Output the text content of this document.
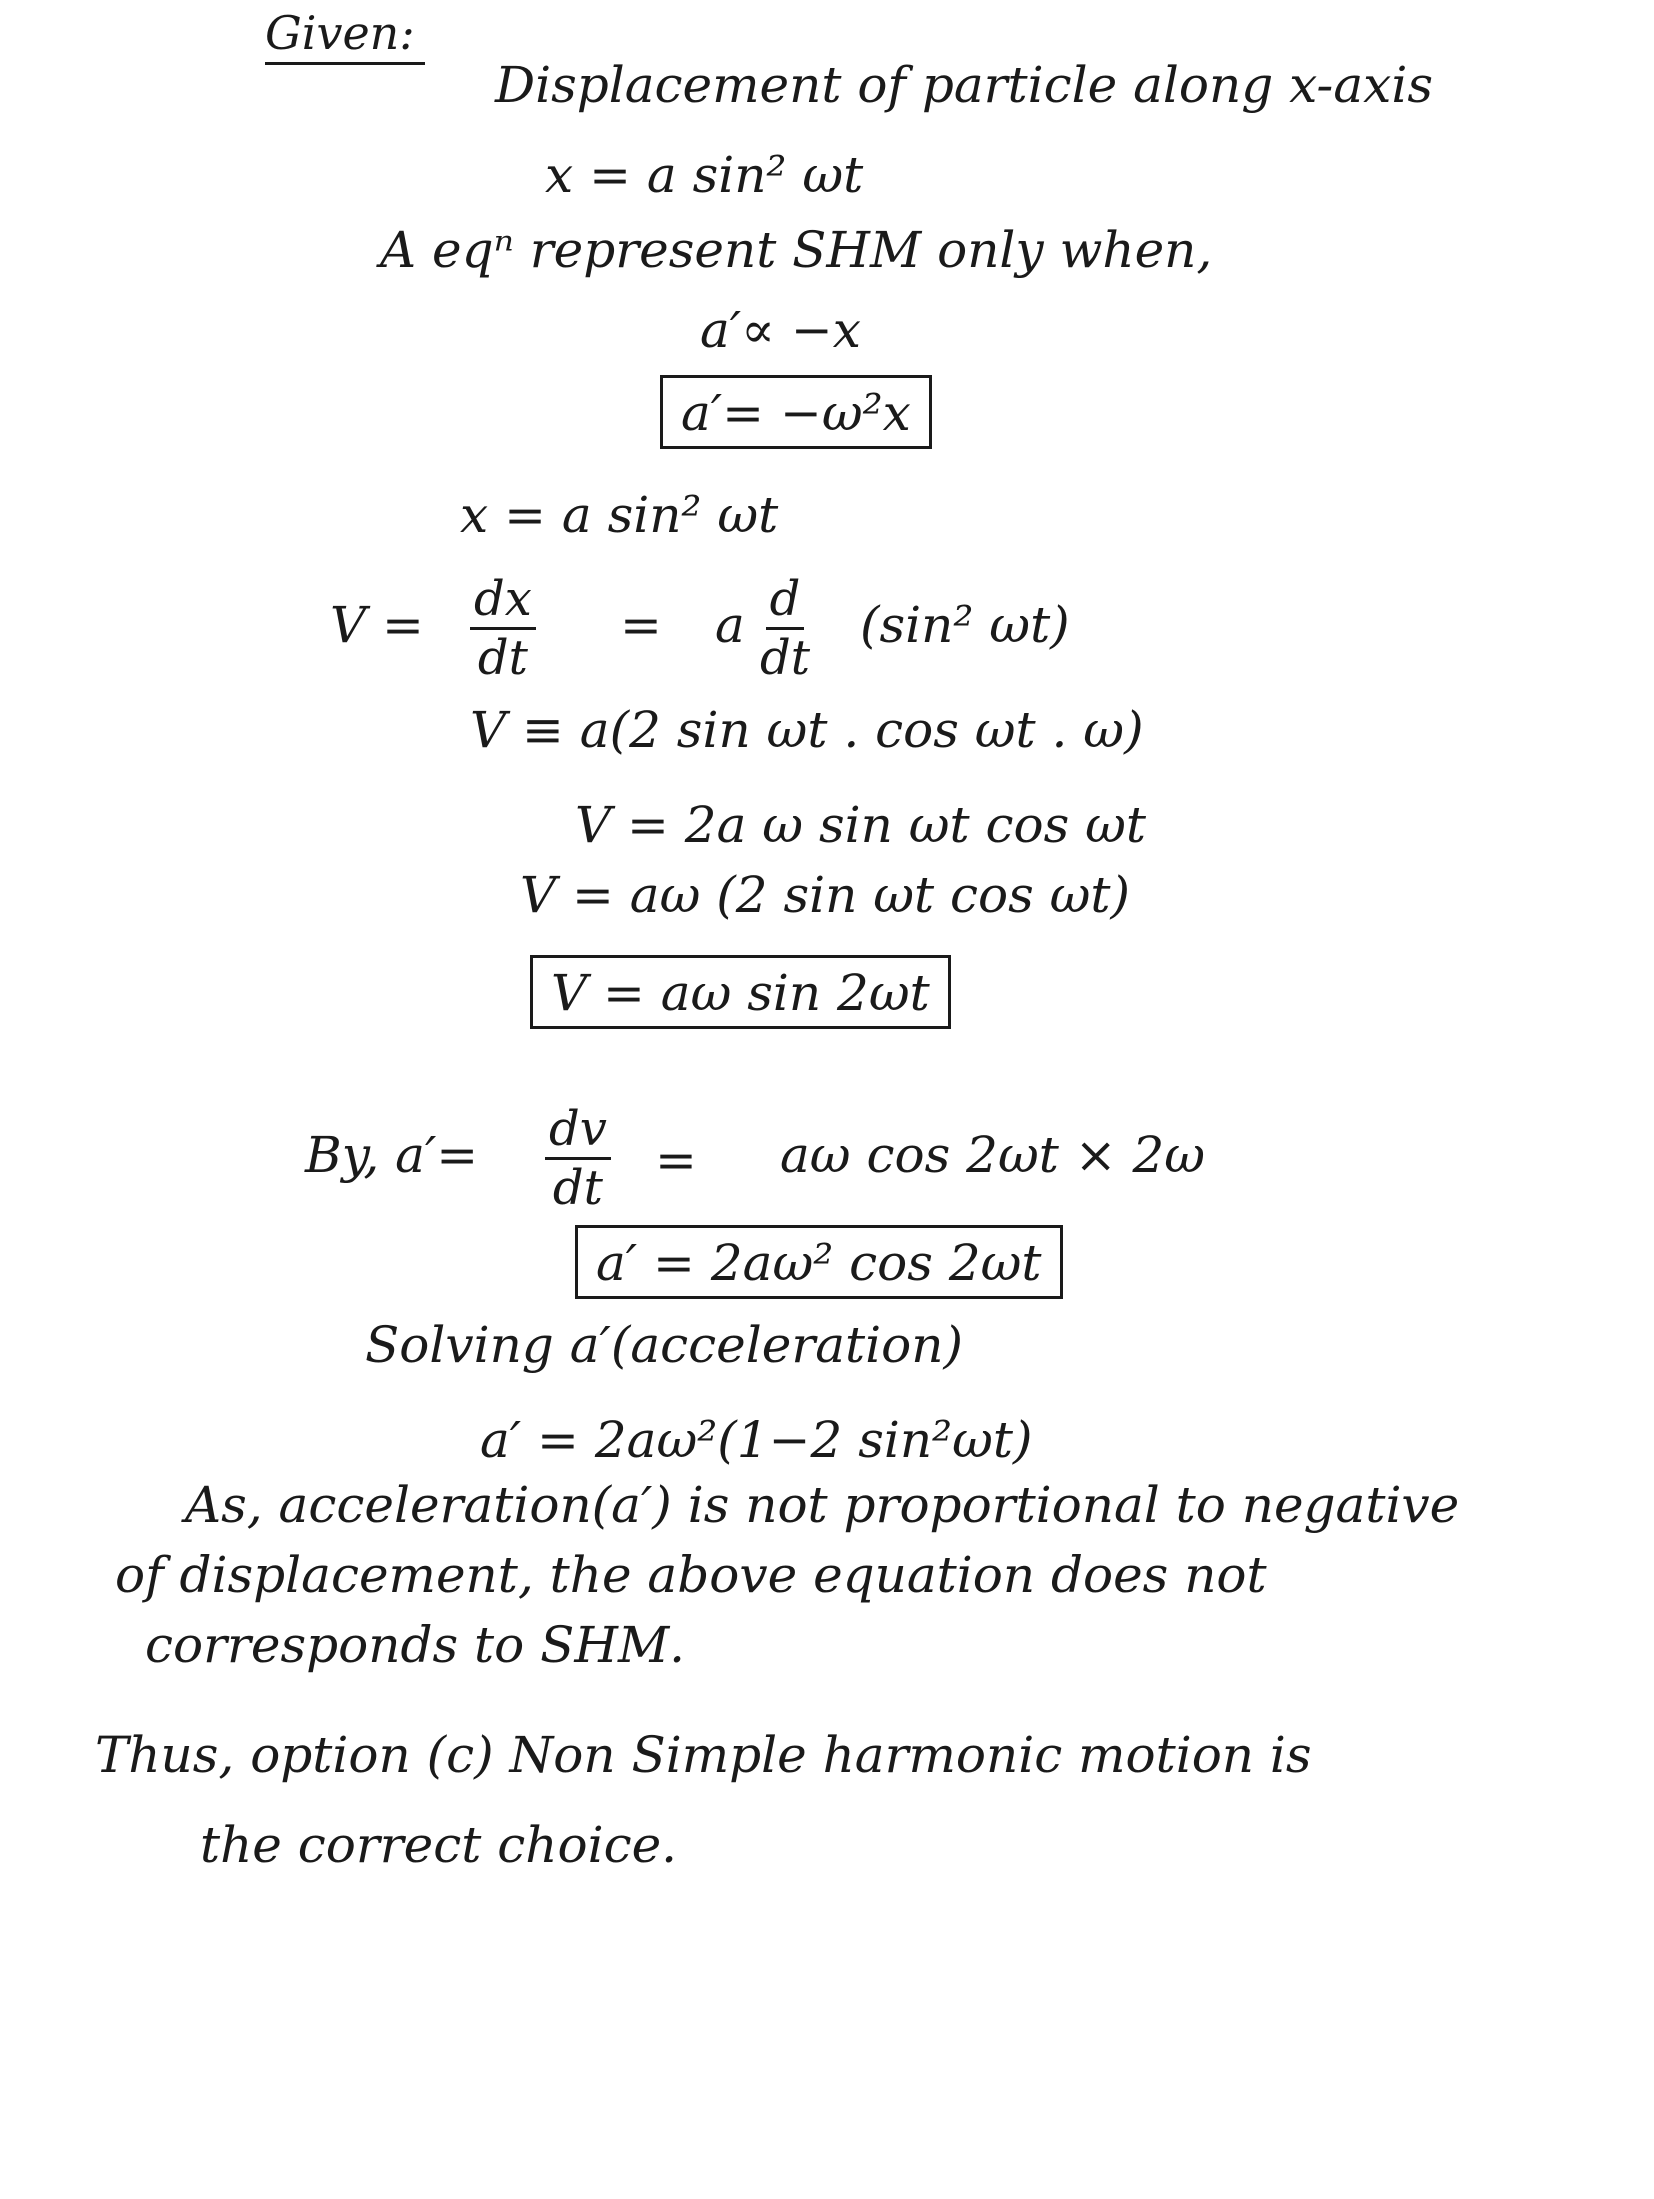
Given:
Displacement of particle along x-axis
x = a sin² ωt
A eqⁿ represent SHM only when,
a′∝ −x
a′= −ω²x
x = a sin² ωt
$V = \frac{dx}{dt} = a \frac{d}{dt} (\sin^2$ ωt)
V ≡ a(2 sin ωt . cos ωt . ω)
V = 2a ω sin ωt cos ωt
V = aω (2 sin ωt cos ωt)
V = aω sin 2ωt
By, $a'= \frac{dv}{dt} = a\omega$ cos 2ωt × 2ω
a′ = 2aω² cos 2ωt
Solving a′(acceleration)
a′ = 2aω²(1−2 sin²ωt)
As, acceleration(a′) is not proportional to negative
of displacement, the above equation does not
corresponds to SHM.
Thus, option (c) Non Simple harmonic motion is
the correct choice.
